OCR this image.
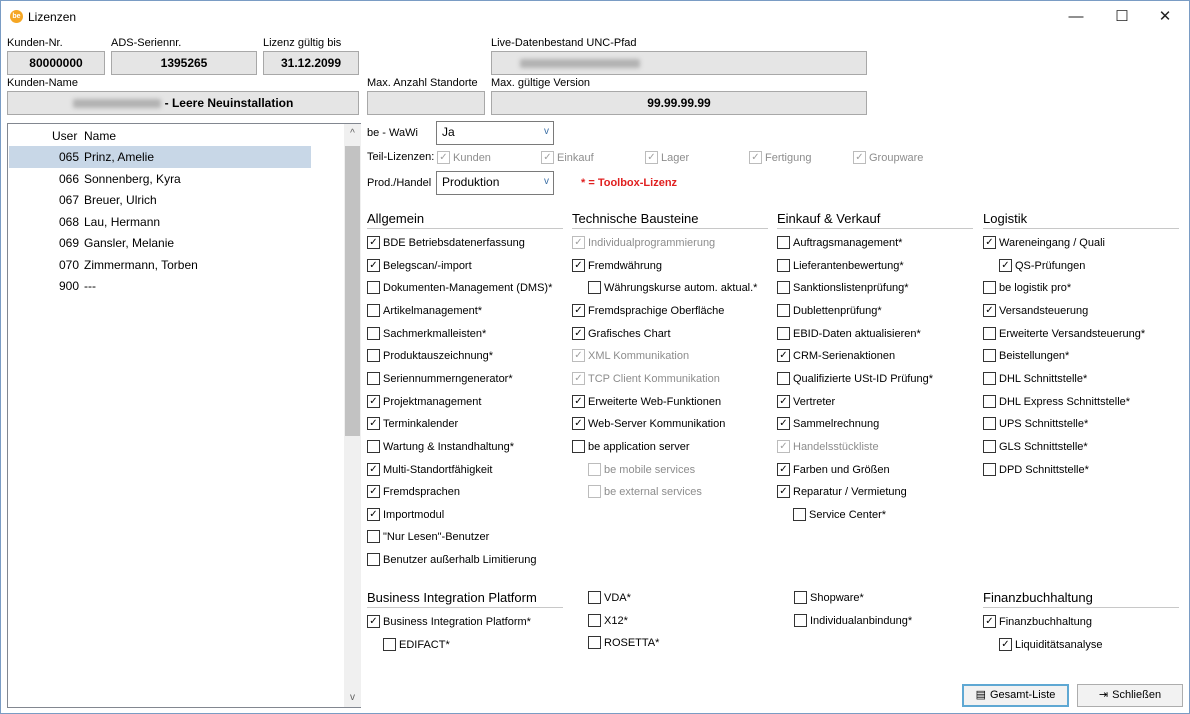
be Lizenzen	—	☐	✕
Kunden-Nr.
80000000
ADS-Seriennr.
1395265
Lizenz gültig bis
31.12.2099
Live-Datenbestand UNC-Pfad
Kunden-Name
- Leere Neuinstallation
Max. Anzahl Standorte Max. gültige Version
99.99.99.99
User Name
065 Prinz, Amelie
066 Sonnenberg, Kyra
067 Breuer, Ulrich
068 Lau, Hermann
069 Gansler, Melanie
070 Zimmermann, Torben
900 ---
^
v
be - WaWi	Ja	v
Teil-Lizenzen: ✓ Kunden	✓ Einkauf	✓ Lager	✓ Fertigung	✓ Groupware
Prod./Handel Produktion	v	* = Toolbox-Lizenz
Allgemein	Technische Bausteine	Einkauf & Verkauf	Logistik
Business Integration Platform	Finanzbuchhaltung
✓ BDE Betriebsdatenerfassung
✓ Belegscan/-import
Dokumenten-Management (DMS)*
Artikelmanagement*
Sachmerkmalleisten*
Produktauszeichnung*
Seriennummerngenerator*
✓ Projektmanagement
✓ Terminkalender
Wartung & Instandhaltung*
✓ Multi-Standortfähigkeit
✓ Fremdsprachen
✓ Importmodul
"Nur Lesen"-Benutzer
Benutzer außerhalb Limitierung
✓ Individualprogrammierung
✓ Fremdwährung
Währungskurse autom. aktual.*
✓ Fremdsprachige Oberfläche
✓ Grafisches Chart
✓ XML Kommunikation
✓ TCP Client Kommunikation
✓ Erweiterte Web-Funktionen
✓ Web-Server Kommunikation
be application server
be mobile services
be external services
Auftragsmanagement*
Lieferantenbewertung*
Sanktionslistenprüfung*
Dublettenprüfung*
EBID-Daten aktualisieren*
✓ CRM-Serienaktionen
Qualifizierte USt-ID Prüfung*
✓ Vertreter
✓ Sammelrechnung
✓ Handelsstückliste
✓ Farben und Größen
✓ Reparatur / Vermietung
Service Center*
✓ Wareneingang / Quali
✓ QS-Prüfungen
be logistik pro*
✓ Versandsteuerung
Erweiterte Versandsteuerung*
Beistellungen*
DHL Schnittstelle*
DHL Express Schnittstelle*
UPS Schnittstelle*
GLS Schnittstelle*
DPD Schnittstelle*
✓ Business Integration Platform*
EDIFACT*
VDA*
X12*
ROSETTA*
Shopware*
Individualanbindung*	✓ Finanzbuchhaltung
✓ Liquiditätsanalyse
▤ Gesamt-Liste	⇥ Schließen
